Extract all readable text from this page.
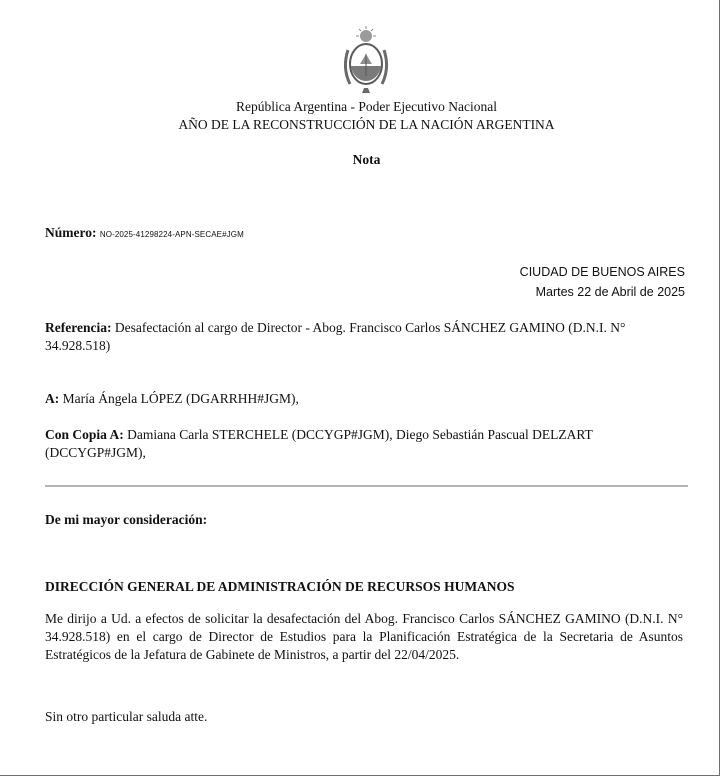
República Argentina - Poder Ejecutivo Nacional
AÑO DE LA RECONSTRUCCIÓN DE LA NACIÓN ARGENTINA
Nota
Número: NO-2025-41298224-APN-SECAE#JGM
CIUDAD DE BUENOS AIRES
Martes 22 de Abril de 2025
Referencia: Desafectación al cargo de Director - Abog. Francisco Carlos SÁNCHEZ GAMINO (D.N.I. N° 34.928.518)
A: María Ángela LÓPEZ (DGARRHH#JGM),
Con Copia A: Damiana Carla STERCHELE (DCCYGP#JGM), Diego Sebastián Pascual DELZART (DCCYGP#JGM),
De mi mayor consideración:
DIRECCIÓN GENERAL DE ADMINISTRACIÓN DE RECURSOS HUMANOS
Me dirijo a Ud. a efectos de solicitar la desafectación del Abog. Francisco Carlos SÁNCHEZ GAMINO (D.N.I. N° 34.928.518) en el cargo de Director de Estudios para la Planificación Estratégica de la Secretaria de Asuntos Estratégicos de la Jefatura de Gabinete de Ministros, a partir del 22/04/2025.
Sin otro particular saluda atte.
